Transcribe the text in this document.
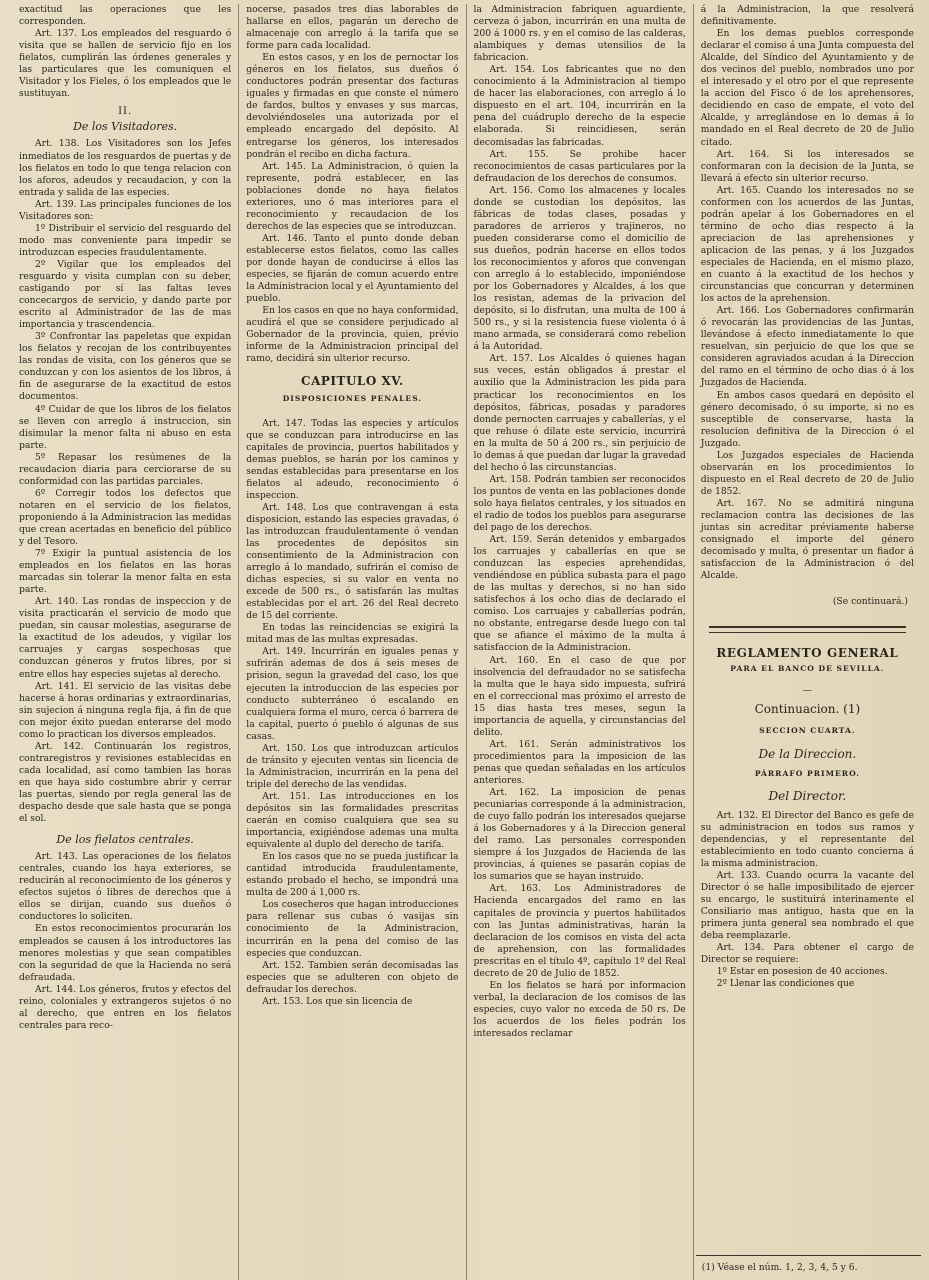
exactitud las operaciones que les corresponden.

Art. 137. Los empleados del resguardo ó visita que se hallen de servicio fijo en los fielatos, cumplirán las órdenes generales y las particulares que les comuniquen el Visitador y los Fieles, ó los empleados que le sustituyan.

II.
De los Visitadores.

Art. 138. Los Visitadores son los Jefes inmediatos de los resguardos de puertas y de los fielatos en todo lo que tenga relacion con los aforos, adeudos y recaudacion, y con la entrada y salida de las especies.

Art. 139. Las principales funciones de los Visitadores son:

1º Distribuir el servicio del resguardo del modo mas conveniente para impedir se introduzcan especies fraudulentamente.

2º Vigilar que los empleados del resguardo y visita cumplan con su deber, castigando por sí las faltas leves concecargos de servicio, y dando parte por escrito al Administrador de las de mas importancia y trascendencia.

3º Confrontar las papeletas que expidan los fielatos y recojan de los contribuyentes las rondas de visita, con los géneros que se conduzcan y con los asientos de los libros, á fin de asegurarse de la exactitud de estos documentos.

4º Cuidar de que los libros de los fielatos se lleven con arreglo á instruccion, sin disimular la menor falta ni abuso en esta parte.

5º Repasar los resúmenes de la recaudacion diaria para cerciorarse de su conformidad con las partidas parciales.

6º Corregir todos los defectos que notaren en el servicio de los fielatos, proponiendo á la Administracion las medidas que crean acertadas en beneficio del público y del Tesoro.

7º Exigir la puntual asistencia de los empleados en los fielatos en las horas marcadas sin tolerar la menor falta en esta parte.

Art. 140. Las rondas de inspeccion y de visita practicarán el servicio de modo que puedan, sin causar molestias, asegurarse de la exactitud de los adeudos, y vigilar los carruajes y cargas sospechosas que conduzcan géneros y frutos libres, por si entre ellos hay especies sujetas al derecho.

Art. 141. El servicio de las visitas debe hacerse á horas ordinarias y extraordinarias, sin sujecion á ninguna regla fija, á fin de que con mejor éxito puedan enterarse del modo como lo practican los diversos empleados.

Art. 142. Continuarán los registros, contraregistros y revisiones establecidas en cada localidad, así como tambien las horas en que haya sido costumbre abrir y cerrar las puertas, siendo por regla general las de despacho desde que sale hasta que se ponga el sol.

De los fielatos centrales.

Art. 143. Las operaciones de los fielatos centrales, cuando los haya exteriores, se reducirán al reconocimiento de los géneros y efectos sujetos ó libres de derechos que á ellos se dirijan, cuando sus dueños ó conductores lo soliciten.

En estos reconocimientos procurarán los empleados se causen á los introductores las menores molestias y que sean compatibles con la seguridad de que la Hacienda no será defraudada.

Art. 144. Los géneros, frutos y efectos del reino, coloniales y extrangeros sujetos ó no al derecho, que entren en los fielatos centrales para reco-

nocerse, pasados tres dias laborables de hallarse en ellos, pagarán un derecho de almacenaje con arreglo á la tarifa que se forme para cada localidad.

En estos casos, y en los de pernoctar los géneros en los fielatos, sus dueños ó conductores podrán presentar dos facturas iguales y firmadas en que conste el número de fardos, bultos y envases y sus marcas, devolviéndoseles una autorizada por el empleado encargado del depósito. Al entregarse los géneros, los interesados pondrán el recibo en dicha factura.

Art. 145. La Administracion, ó quien la represente, podrá establecer, en las poblaciones donde no haya fielatos exteriores, uno ó mas interiores para el reconocimiento y recaudacion de los derechos de las especies que se introduzcan.

Art. 146. Tanto el punto donde deban establecerse estos fielatos, como las calles por donde hayan de conducirse á ellos las especies, se fijarán de comun acuerdo entre la Administracion local y el Ayuntamiento del pueblo.

En los casos en que no haya conformidad, acudirá el que se considere perjudicado al Gobernador de la provincia, quien, prévio informe de la Administracion principal del ramo, decidirá sin ulterior recurso.

CAPITULO XV.
DISPOSICIONES PENALES.

Art. 147. Todas las especies y artículos que se conduzcan para introducirse en las capitales de provincia, puertos habilitados y demas pueblos, se harán por los caminos y sendas establecidas para presentarse en los fielatos al adeudo, reconocimiento ó inspeccion.

Art. 148. Los que contravengan á esta disposicion, estando las especies gravadas, ó las introduzcan fraudulentamente ó vendan las procedentes de depósitos sin consentimiento de la Administracion con arreglo á lo mandado, sufrirán el comiso de dichas especies, si su valor en venta no excede de 500 rs., ó satisfarán las multas establecidas por el art. 26 del Real decreto de 15 del corriente.

En todas las reincidencias se exigirá la mitad mas de las multas expresadas.

Art. 149. Incurrirán en iguales penas y sufrirán ademas de dos á seis meses de prision, segun la gravedad del caso, los que ejecuten la introduccion de las especies por conducto subterráneo ó escalando en cualquiera forma el muro, cerca ó barrera de la capital, puerto ó pueblo ó algunas de sus casas.

Art. 150. Los que introduzcan artículos de tránsito y ejecuten ventas sin licencia de la Administracion, incurrirán en la pena del triple del derecho de las vendidas.

Art. 151. Las introducciones en los depósitos sin las formalidades prescritas caerán en comiso cualquiera que sea su importancia, exigiéndose ademas una multa equivalente al duplo del derecho de tarifa.

En los casos que no se pueda justificar la cantidad introducida fraudulentamente, estando probado el hecho, se impondrá una multa de 200 á 1,000 rs.

Los cosecheros que hagan introducciones para rellenar sus cubas ó vasijas sin conocimiento de la Administracion, incurrirán en la pena del comiso de las especies que conduzcan.

Art. 152. Tambien serán decomisadas las especies que se adulteren con objeto de defraudar los derechos.

Art. 153. Los que sin licencia de

la Administracion fabriquen aguardiente, cerveza ó jabon, incurrirán en una multa de 200 á 1000 rs. y en el comiso de las calderas, alambiques y demas utensilios de la fabricacion.

Art. 154. Los fabricantes que no den conocimiento á la Administracion al tiempo de hacer las elaboraciones, con arreglo á lo dispuesto en el art. 104, incurrirán en la pena del cuádruplo derecho de la especie elaborada. Si reincidiesen, serán decomisadas las fabricadas.

Art. 155. Se prohibe hacer reconocimientos de casas particulares por la defraudacion de los derechos de consumos.

Art. 156. Como los almacenes y locales donde se custodian los depósitos, las fábricas de todas clases, posadas y paradores de arrieros y trajineros, no pueden considerarse como el domicilio de sus dueños, podrán hacerse en ellos todos los reconocimientos y aforos que convengan con arreglo á lo establecido, imponiéndose por los Gobernadores y Alcaldes, á los que los resistan, ademas de la privacion del depósito, si lo disfrutan, una multa de 100 á 500 rs., y si la resistencia fuese violenta ó á mano armada, se considerará como rebelion á la Autoridad.

Art. 157. Los Alcaldes ó quienes hagan sus veces, están obligados á prestar el auxilio que la Administracion les pida para practicar los reconocimientos en los depósitos, fábricas, posadas y paradores donde pernocten carruajes y caballerías, y el que rehuse ó dilate este servicio, incurrirá en la multa de 50 á 200 rs., sin perjuicio de lo demas á que puedan dar lugar la gravedad del hecho ó las circunstancias.

Art. 158. Podrán tambien ser reconocidos los puntos de venta en las poblaciones donde solo haya fielatos centrales, y los situados en el radio de todos los pueblos para asegurarse del pago de los derechos.

Art. 159. Serán detenidos y embargados los carruajes y caballerías en que se conduzcan las especies aprehendidas, vendiéndose en pública subasta para el pago de las multas y derechos, si no han sido satisfechos á los ocho dias de declarado el comiso. Los carruajes y caballerías podrán, no obstante, entregarse desde luego con tal que se afiance el máximo de la multa á satisfaccion de la Administracion.

Art. 160. En el caso de que por insolvencia del defraudador no se satisfecha la multa que le haya sido impuesta, sufrirá en el correccional mas próximo el arresto de 15 dias hasta tres meses, segun la importancia de aquella, y circunstancias del delito.

Art. 161. Serán administrativos los procedimientos para la imposicion de las penas que quedan señaladas en los artículos anteriores.

Art. 162. La imposicion de penas pecuniarias corresponde á la administracion, de cuyo fallo podrán los interesados quejarse á los Gobernadores y á la Direccion general del ramo. Las personales corresponden siempre á los Juzgados de Hacienda de las provincias, á quienes se pasarán copias de los sumarios que se hayan instruido.

Art. 163. Los Administradores de Hacienda encargados del ramo en las capitales de provincia y puertos habilitados con las Juntas administrativas, harán la declaracion de los comisos en vista del acta de aprehension, con las formalidades prescritas en el título 4º, capítulo 1º del Real decreto de 20 de Julio de 1852.

En los fielatos se hará por informacion verbal, la declaracion de los comisos de las especies, cuyo valor no exceda de 50 rs. De los acuerdos de los fieles podrán los interesados reclamar

á la Administracion, la que resolverá definitivamente.

En los demas pueblos corresponde declarar el comiso á una Junta compuesta del Alcalde, del Síndico del Ayuntamiento y de dos vecinos del pueblo, nombrados uno por el interesado y el otro por el que represente la accion del Fisco ó de los aprehensores, decidiendo en caso de empate, el voto del Alcalde, y arreglándose en lo demas á lo mandado en el Real decreto de 20 de Julio citado.

Art. 164. Si los interesados se conformaran con la decision de la Junta, se llevará á efecto sin ulterior recurso.

Art. 165. Cuando los interesados no se conformen con los acuerdos de las Juntas, podrán apelar á los Gobernadores en el término de ocho dias respecto á la apreciacion de las aprehensiones y aplicacion de las penas, y á los Juzgados especiales de Hacienda, en el mismo plazo, en cuanto á la exactitud de los hechos y circunstancias que concurran y determinen los actos de la aprehension.

Art. 166. Los Gobernadores confirmarán ó revocarán las providencias de las Juntas, llevándose á efecto inmediatamente lo que resuelvan, sin perjuicio de que los que se consideren agraviados acudan á la Direccion del ramo en el término de ocho dias ó á los Juzgados de Hacienda.

En ambos casos quedará en depósito el género decomisado, ó su importe, si no es susceptible de conservarse, hasta la resolucion definitiva de la Direccion ó el Juzgado.

Los Juzgados especiales de Hacienda observarán en los procedimientos lo dispuesto en el Real decreto de 20 de Julio de 1852.

Art. 167. No se admitirá ninguna reclamacion contra las decisiones de las juntas sin acreditar préviamente haberse consignado el importe del género decomisado y multa, ó presentar un fiador á satisfaccion de la Administracion ó del Alcalde.

(Se continuará.)
REGLAMENTO GENERAL
PARA EL BANCO DE SEVILLA.
—
Continuacion. (1)
SECCION CUARTA.
De la Direccion.
PÁRRAFO PRIMERO.
Del Director.

Art. 132. El Director del Banco es gefe de su administracion en todos sus ramos y dependencias, y el representante del establecimiento en todo cuanto concierna á la misma administracion.

Art. 133. Cuando ocurra la vacante del Director ó se halle imposibilitado de ejercer su encargo, le sustituirá interinamente el Consiliario mas antiguo, hasta que en la primera junta general sea nombrado el que deba reemplazarle.

Art. 134. Para obtener el cargo de Director se requiere:

1º Estar en posesion de 40 acciones.

2º Llenar las condiciones que

(1) Véase el núm. 1, 2, 3, 4, 5 y 6.
